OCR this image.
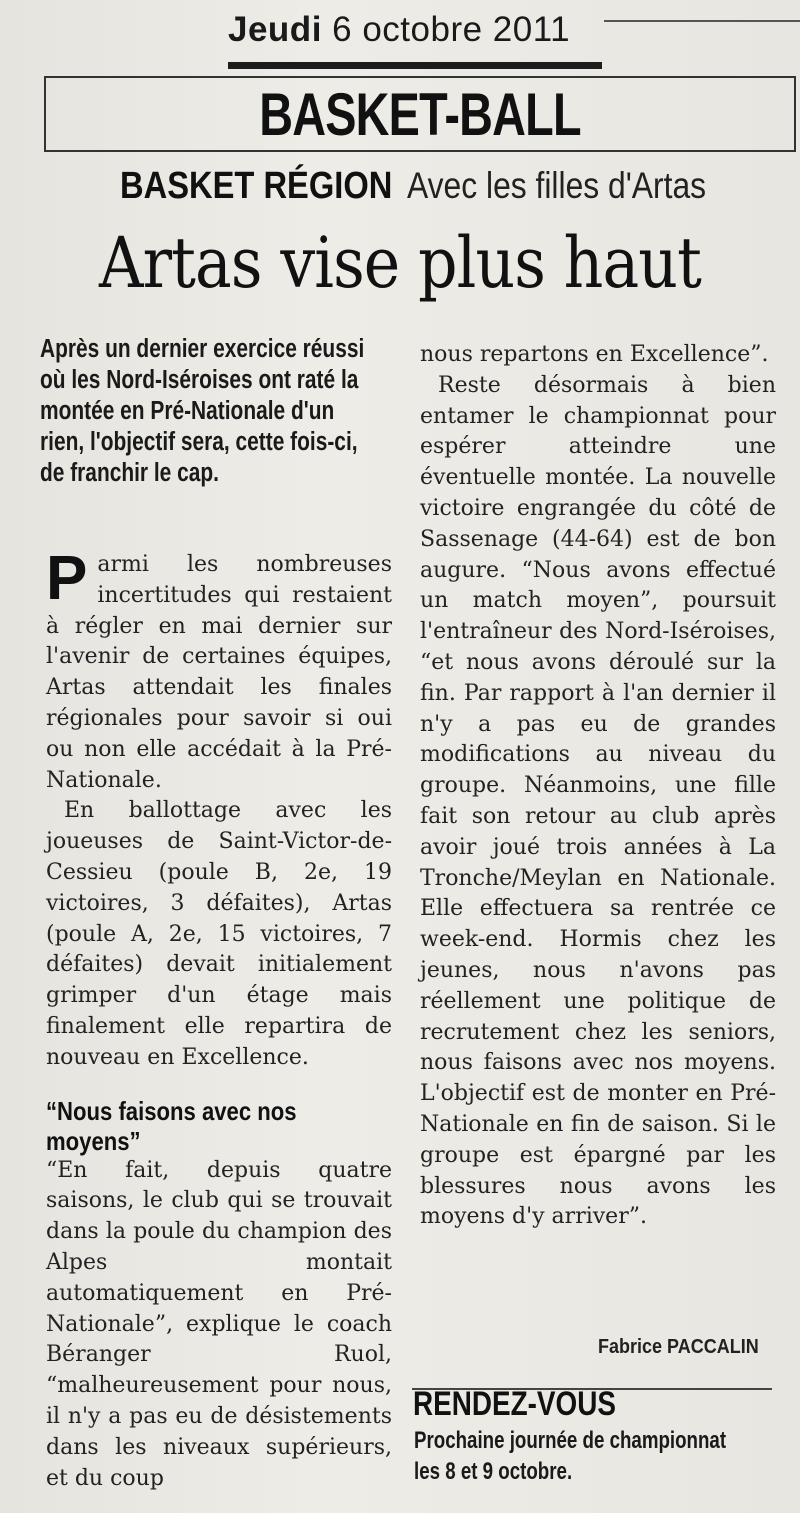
Jeudi 6 octobre 2011
BASKET-BALL
BASKET RÉGION Avec les filles d'Artas
Artas vise plus haut
Après un dernier exercice réussi où les Nord-Iséroises ont raté la montée en Pré-Nationale d'un rien, l'objectif sera, cette fois-ci, de franchir le cap.

Parmi les nombreuses incertitudes qui restaient à régler en mai dernier sur l'avenir de certaines équipes, Artas attendait les finales régionales pour savoir si oui ou non elle accédait à la Pré-Nationale.

En ballottage avec les joueuses de Saint-Victor-de-Cessieu (poule B, 2e, 19 victoires, 3 défaites), Artas (poule A, 2e, 15 victoires, 7 défaites) devait initialement grimper d'un étage mais finalement elle repartira de nouveau en Excellence.

“Nous faisons avec nos moyens”

“En fait, depuis quatre saisons, le club qui se trouvait dans la poule du champion des Alpes montait automatiquement en Pré-Nationale”, explique le coach Béranger Ruol, “malheureusement pour nous, il n'y a pas eu de désistements dans les niveaux supérieurs, et du coup

nous repartons en Excellence”.

Reste désormais à bien entamer le championnat pour espérer atteindre une éventuelle montée. La nouvelle victoire engrangée du côté de Sassenage (44-64) est de bon augure. “Nous avons effectué un match moyen”, poursuit l'entraîneur des Nord-Iséroises, “et nous avons déroulé sur la fin. Par rapport à l'an dernier il n'y a pas eu de grandes modifications au niveau du groupe. Néanmoins, une fille fait son retour au club après avoir joué trois années à La Tronche/Meylan en Nationale. Elle effectuera sa rentrée ce week-end. Hormis chez les jeunes, nous n'avons pas réellement une politique de recrutement chez les seniors, nous faisons avec nos moyens. L'objectif est de monter en Pré-Nationale en fin de saison. Si le groupe est épargné par les blessures nous avons les moyens d'y arriver”.

Fabrice PACCALIN
RENDEZ-VOUS
Prochaine journée de championnat les 8 et 9 octobre.
